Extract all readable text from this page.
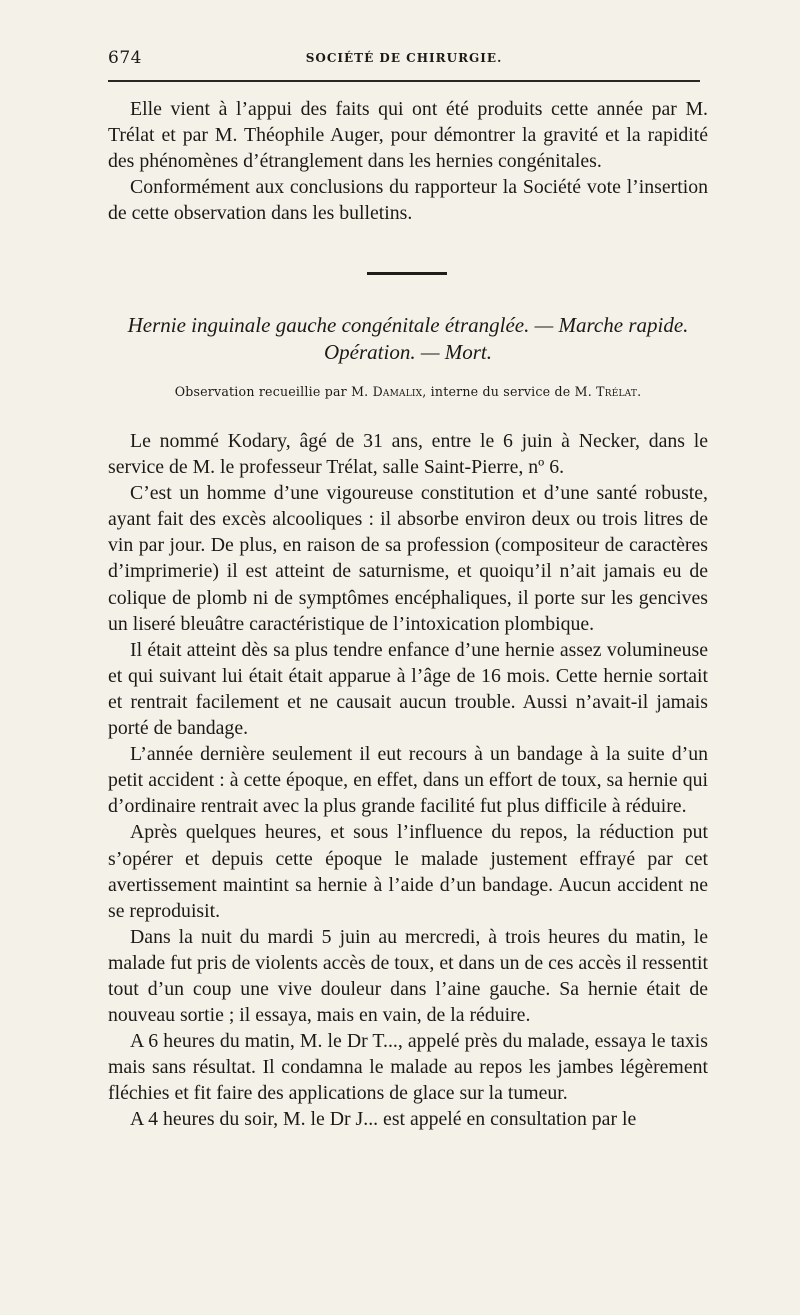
674	SOCIÉTÉ DE CHIRURGIE.

Elle vient à l’appui des faits qui ont été produits cette année par M. Trélat et par M. Théophile Auger, pour démontrer la gravité et la rapidité des phénomènes d’étranglement dans les hernies congénitales.

Conformément aux conclusions du rapporteur la Société vote l’insertion de cette observation dans les bulletins.

Hernie inguinale gauche congénitale étranglée. — Marche rapide.
Opération. — Mort.
Observation recueillie par M. Damalix, interne du service de M. Trélat.

Le nommé Kodary, âgé de 31 ans, entre le 6 juin à Necker, dans le service de M. le professeur Trélat, salle Saint-Pierre, nº 6.

C’est un homme d’une vigoureuse constitution et d’une santé robuste, ayant fait des excès alcooliques : il absorbe environ deux ou trois litres de vin par jour. De plus, en raison de sa profession (compositeur de caractères d’imprimerie) il est atteint de saturnisme, et quoiqu’il n’ait jamais eu de colique de plomb ni de symptômes encéphaliques, il porte sur les gencives un liseré bleuâtre caractéristique de l’intoxication plombique.

Il était atteint dès sa plus tendre enfance d’une hernie assez volumineuse et qui suivant lui était était apparue à l’âge de 16 mois. Cette hernie sortait et rentrait facilement et ne causait aucun trouble. Aussi n’avait-il jamais porté de bandage.

L’année dernière seulement il eut recours à un bandage à la suite d’un petit accident : à cette époque, en effet, dans un effort de toux, sa hernie qui d’ordinaire rentrait avec la plus grande facilité fut plus difficile à réduire.

Après quelques heures, et sous l’influence du repos, la réduction put s’opérer et depuis cette époque le malade justement effrayé par cet avertissement maintint sa hernie à l’aide d’un bandage. Aucun accident ne se reproduisit.

Dans la nuit du mardi 5 juin au mercredi, à trois heures du matin, le malade fut pris de violents accès de toux, et dans un de ces accès il ressentit tout d’un coup une vive douleur dans l’aine gauche. Sa hernie était de nouveau sortie ; il essaya, mais en vain, de la réduire.

A 6 heures du matin, M. le Dr T..., appelé près du malade, essaya le taxis mais sans résultat. Il condamna le malade au repos les jambes légèrement fléchies et fit faire des applications de glace sur la tumeur.

A 4 heures du soir, M. le Dr J... est appelé en consultation par le
